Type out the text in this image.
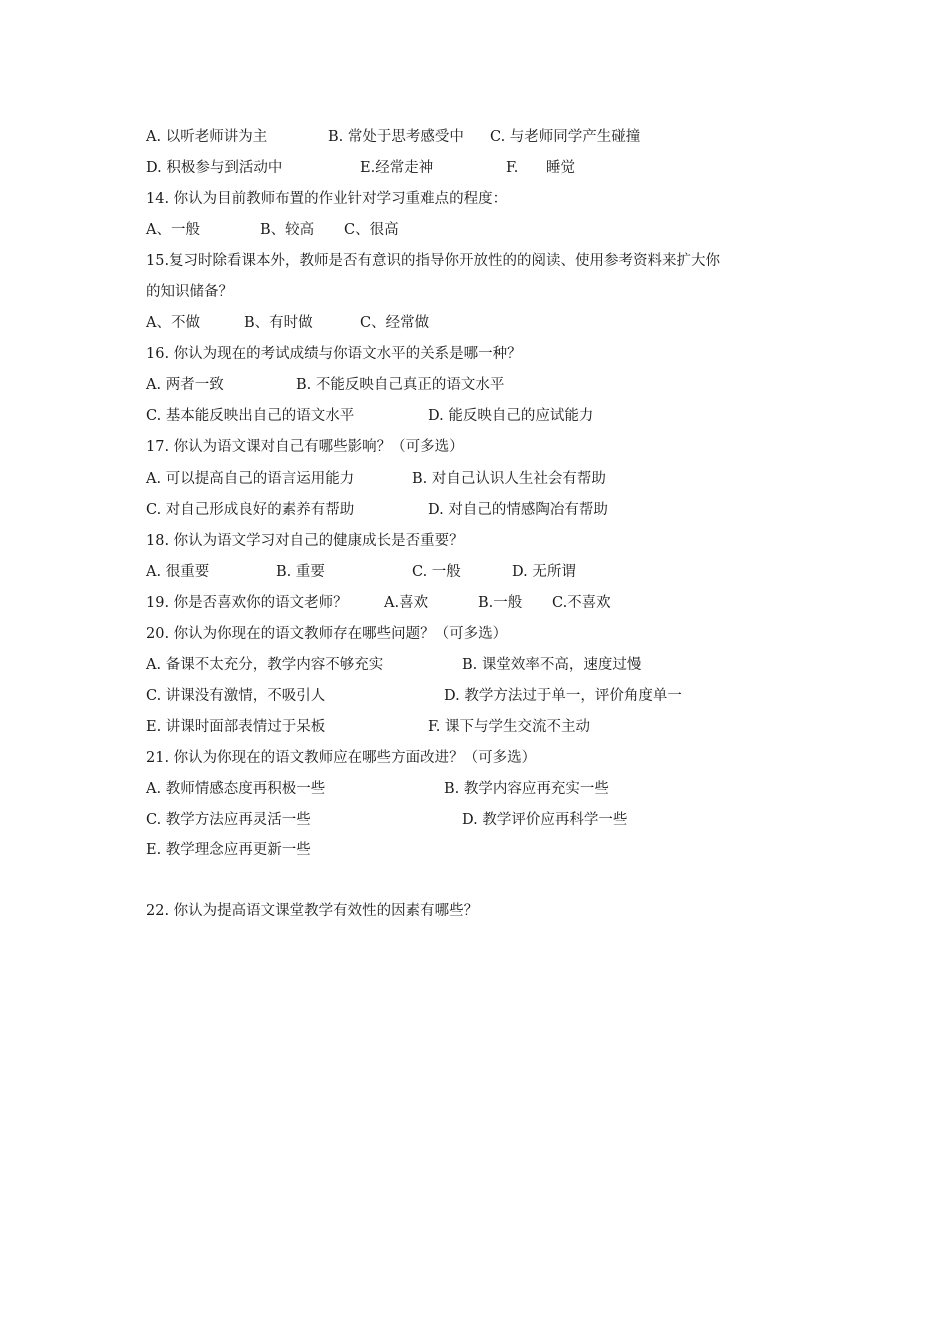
A. 以听老师讲为主	B. 常处于思考感受中 C. 与老师同学产生碰撞
D. 积极参与到活动中	E.经常走神	F. 睡觉
14. 你认为目前教师布置的作业针对学习重难点的程度：
A、一般	B、较高 C、很高
15.复习时除看课本外，教师是否有意识的指导你开放性的的阅读、使用参考资料来扩大你
的知识储备？
A、不做	B、有时做	C、经常做
16. 你认为现在的考试成绩与你语文水平的关系是哪一种？
A. 两者一致	B. 不能反映自己真正的语文水平
C. 基本能反映出自己的语文水平	D. 能反映自己的应试能力
17. 你认为语文课对自己有哪些影响？（可多选）
A. 可以提高自己的语言运用能力	B. 对自己认识人生社会有帮助
C. 对自己形成良好的素养有帮助	D. 对自己的情感陶冶有帮助
18. 你认为语文学习对自己的健康成长是否重要？
A. 很重要	B. 重要	C. 一般	D. 无所谓
19. 你是否喜欢你的语文老师？	A.喜欢	B.一般 C.不喜欢
20. 你认为你现在的语文教师存在哪些问题？（可多选）
A. 备课不太充分，教学内容不够充实	B. 课堂效率不高，速度过慢
C. 讲课没有激情，不吸引人	D. 教学方法过于单一，评价角度单一
E. 讲课时面部表情过于呆板	F. 课下与学生交流不主动
21. 你认为你现在的语文教师应在哪些方面改进？（可多选）
A. 教师情感态度再积极一些	B. 教学内容应再充实一些
C. 教学方法应再灵活一些	D. 教学评价应再科学一些
E. 教学理念应再更新一些
22. 你认为提高语文课堂教学有效性的因素有哪些？
